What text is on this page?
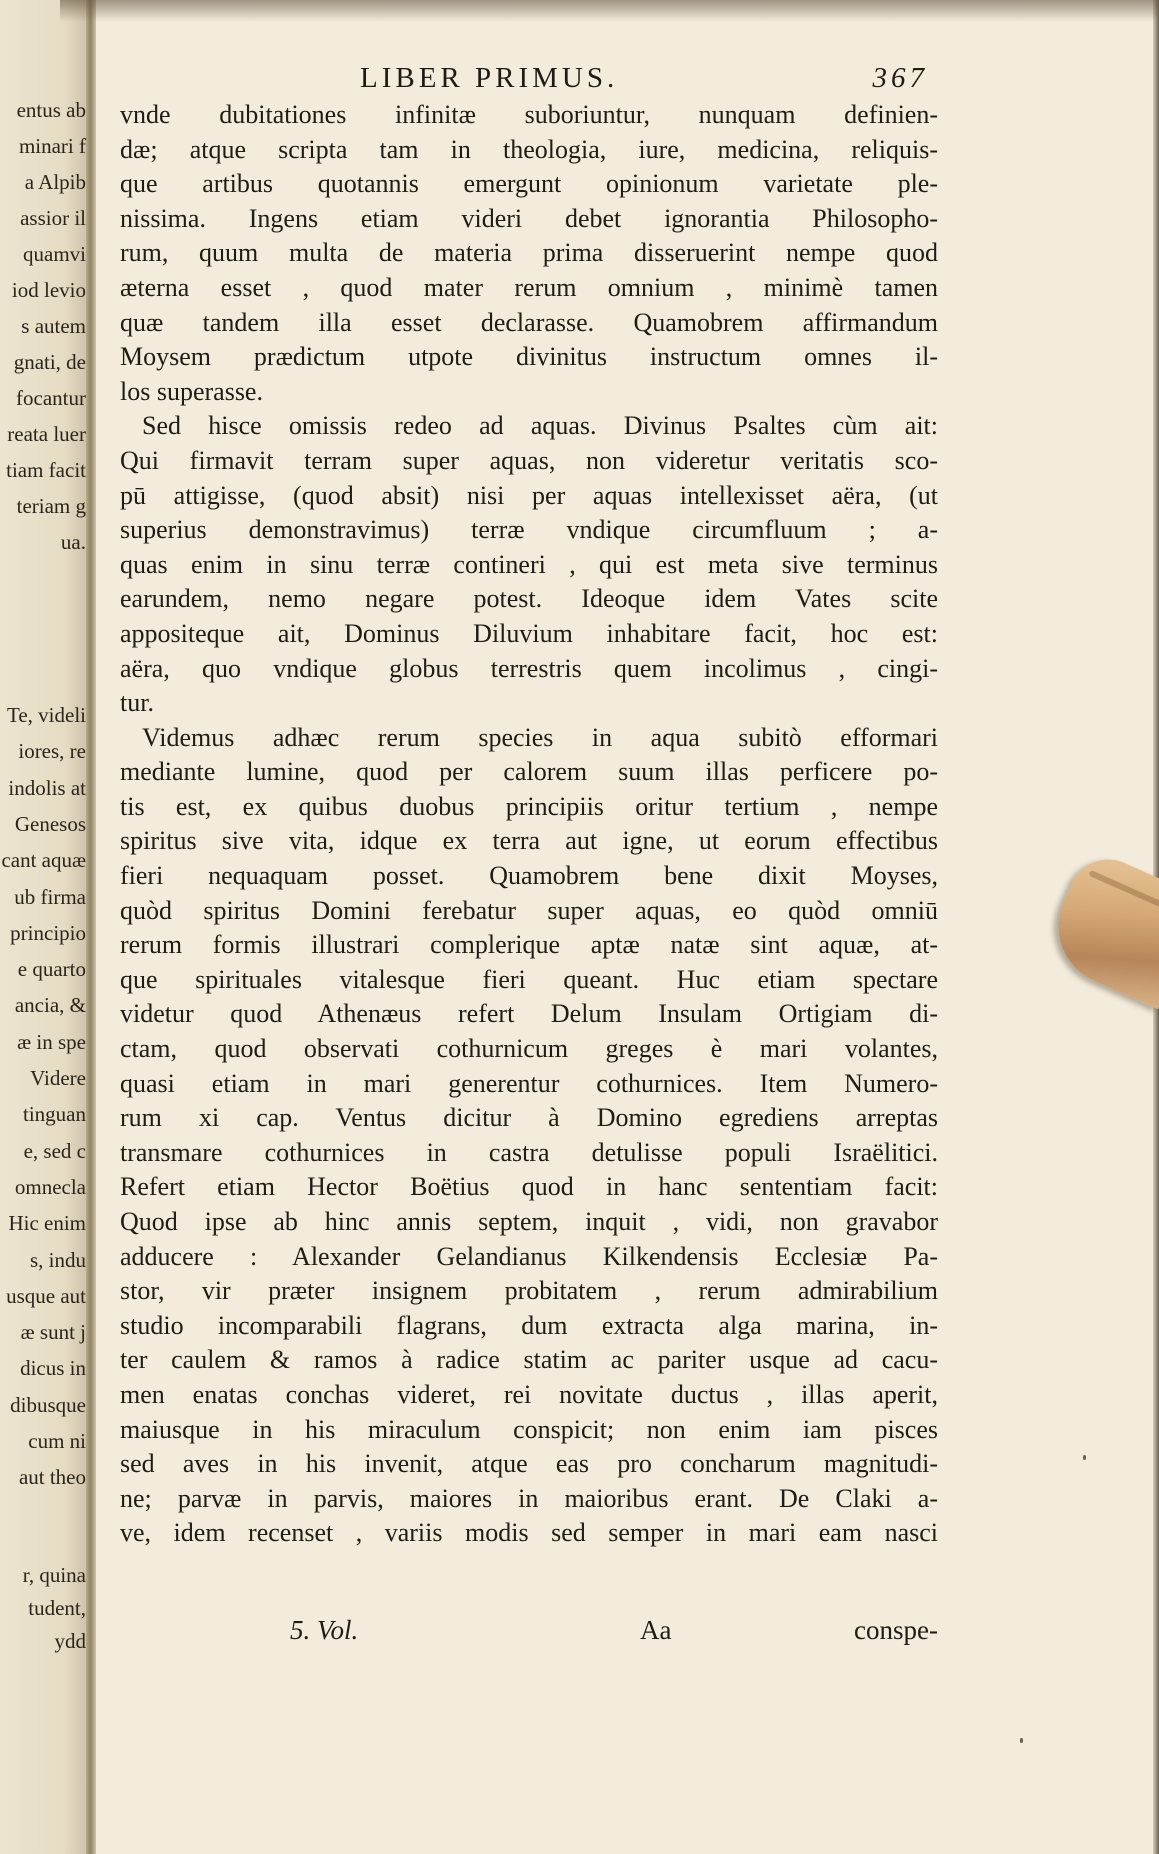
entus ab
minari f
a Alpib
assior il
quamvi
iod levio
s autem
gnati, de
focantur
reata luer
tiam facit
teriam g
ua.
Te, videli
iores, re
indolis at
Genesos
cant aquæ
ub firma
principio
e quarto
ancia, &
æ in spe
Videre
tinguan
e, sed c
omnecla
Hic enim
s, indu
usque aut
æ sunt j
dicus in
dibusque
cum ni
aut theo
r, quina
tudent,
ydd
LIBER PRIMUS.	367
vnde dubitationes infinitæ suboriuntur, nunquam definien-
dæ; atque scripta tam in theologia, iure, medicina, reliquis-
que artibus quotannis emergunt opinionum varietate ple-
nissima. Ingens etiam videri debet ignorantia Philosopho-
rum, quum multa de materia prima disseruerint nempe quod
æterna esset , quod mater rerum omnium , minimè tamen
quæ tandem illa esset declarasse. Quamobrem affirmandum
Moysem prædictum utpote divinitus instructum omnes il-
los superasse.
Sed hisce omissis redeo ad aquas. Divinus Psaltes cùm ait:
Qui firmavit terram super aquas, non videretur veritatis sco-
pū attigisse, (quod absit) nisi per aquas intellexisset aëra, (ut
superius demonstravimus) terræ vndique circumfluum ; a-
quas enim in sinu terræ contineri , qui est meta sive terminus
earundem, nemo negare potest. Ideoque idem Vates scite
appositeque ait, Dominus Diluvium inhabitare facit, hoc est:
aëra, quo vndique globus terrestris quem incolimus , cingi-
tur.
Videmus adhæc rerum species in aqua subitò efformari
mediante lumine, quod per calorem suum illas perficere po-
tis est, ex quibus duobus principiis oritur tertium , nempe
spiritus sive vita, idque ex terra aut igne, ut eorum effectibus
fieri nequaquam posset. Quamobrem bene dixit Moyses,
quòd spiritus Domini ferebatur super aquas, eo quòd omniū
rerum formis illustrari complerique aptæ natæ sint aquæ, at-
que spirituales vitalesque fieri queant. Huc etiam spectare
videtur quod Athenæus refert Delum Insulam Ortigiam di-
ctam, quod observati cothurnicum greges è mari volantes,
quasi etiam in mari generentur cothurnices. Item Numero-
rum xi cap. Ventus dicitur à Domino egrediens arreptas
transmare cothurnices in castra detulisse populi Israëlitici.
Refert etiam Hector Boëtius quod in hanc sententiam facit:
Quod ipse ab hinc annis septem, inquit , vidi, non gravabor
adducere : Alexander Gelandianus Kilkendensis Ecclesiæ Pa-
stor, vir præter insignem probitatem , rerum admirabilium
studio incomparabili flagrans, dum extracta alga marina, in-
ter caulem & ramos à radice statim ac pariter usque ad cacu-
men enatas conchas videret, rei novitate ductus , illas aperit,
maiusque in his miraculum conspicit; non enim iam pisces
sed aves in his invenit, atque eas pro concharum magnitudi-
ne; parvæ in parvis, maiores in maioribus erant. De Claki a-
ve, idem recenset , variis modis sed semper in mari eam nasci
5. Vol.	Aa	conspe-
